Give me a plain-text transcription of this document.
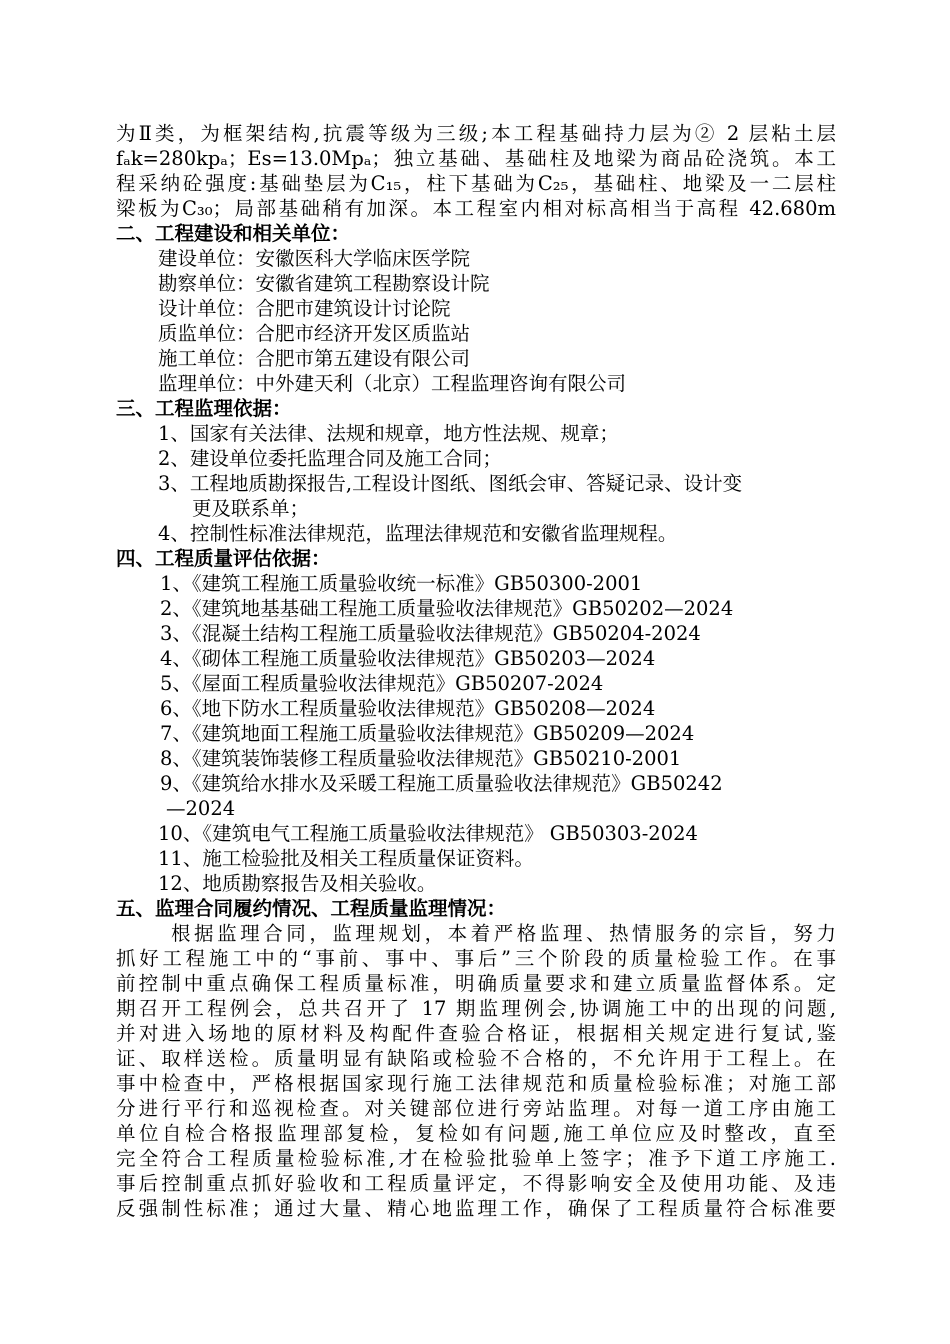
为Ⅱ类，为框架结构,抗震等级为三级;本工程基础持力层为② 2 层粘土层
fₐk=280kpₐ；Es=13.0Mpₐ；独立基础、基础柱及地梁为商品砼浇筑。本工
程采纳砼强度:基础垫层为C₁₅，柱下基础为C₂₅，基础柱、地梁及一二层柱
梁板为C₃₀；局部基础稍有加深。本工程室内相对标高相当于高程 42.680m
二、工程建设和相关单位：
建设单位：安徽医科大学临床医学院
勘察单位：安徽省建筑工程勘察设计院
设计单位：合肥市建筑设计讨论院
质监单位：合肥市经济开发区质监站
施工单位：合肥市第五建设有限公司
监理单位：中外建天利（北京）工程监理咨询有限公司
三、工程监理依据：
1、国家有关法律、法规和规章，地方性法规、规章；
2、建设单位委托监理合同及施工合同；
3、工程地质勘探报告,工程设计图纸、图纸会审、答疑记录、设计变
更及联系单；
4、控制性标准法律规范，监理法律规范和安徽省监理规程。
四、工程质量评估依据：
1、《建筑工程施工质量验收统一标准》GB50300-2001
2、《建筑地基基础工程施工质量验收法律规范》GB50202—2024
3、《混凝土结构工程施工质量验收法律规范》GB50204-2024
4、《砌体工程施工质量验收法律规范》GB50203—2024
5、《屋面工程质量验收法律规范》GB50207-2024
6、《地下防水工程质量验收法律规范》GB50208—2024
7、《建筑地面工程施工质量验收法律规范》GB50209—2024
8、《建筑装饰装修工程质量验收法律规范》GB50210-2001
9、《建筑给水排水及采暖工程施工质量验收法律规范》GB50242
—2024
10、《建筑电气工程施工质量验收法律规范》 GB50303-2024
11、施工检验批及相关工程质量保证资料。
12、地质勘察报告及相关验收。
五、监理合同履约情况、工程质量监理情况：
根据监理合同，监理规划，本着严格监理、热情服务的宗旨，努力
抓好工程施工中的“事前、事中、事后”三个阶段的质量检验工作。在事
前控制中重点确保工程质量标准，明确质量要求和建立质量监督体系。定
期召开工程例会，总共召开了 17 期监理例会,协调施工中的出现的问题,
并对进入场地的原材料及构配件查验合格证，根据相关规定进行复试,鉴
证、取样送检。质量明显有缺陷或检验不合格的，不允许用于工程上。在
事中检查中，严格根据国家现行施工法律规范和质量检验标准；对施工部
分进行平行和巡视检查。对关键部位进行旁站监理。对每一道工序由施工
单位自检合格报监理部复检，复检如有问题,施工单位应及时整改，直至
完全符合工程质量检验标准,才在检验批验单上签字；准予下道工序施工.
事后控制重点抓好验收和工程质量评定，不得影响安全及使用功能、及违
反强制性标准；通过大量、精心地监理工作，确保了工程质量符合标准要
